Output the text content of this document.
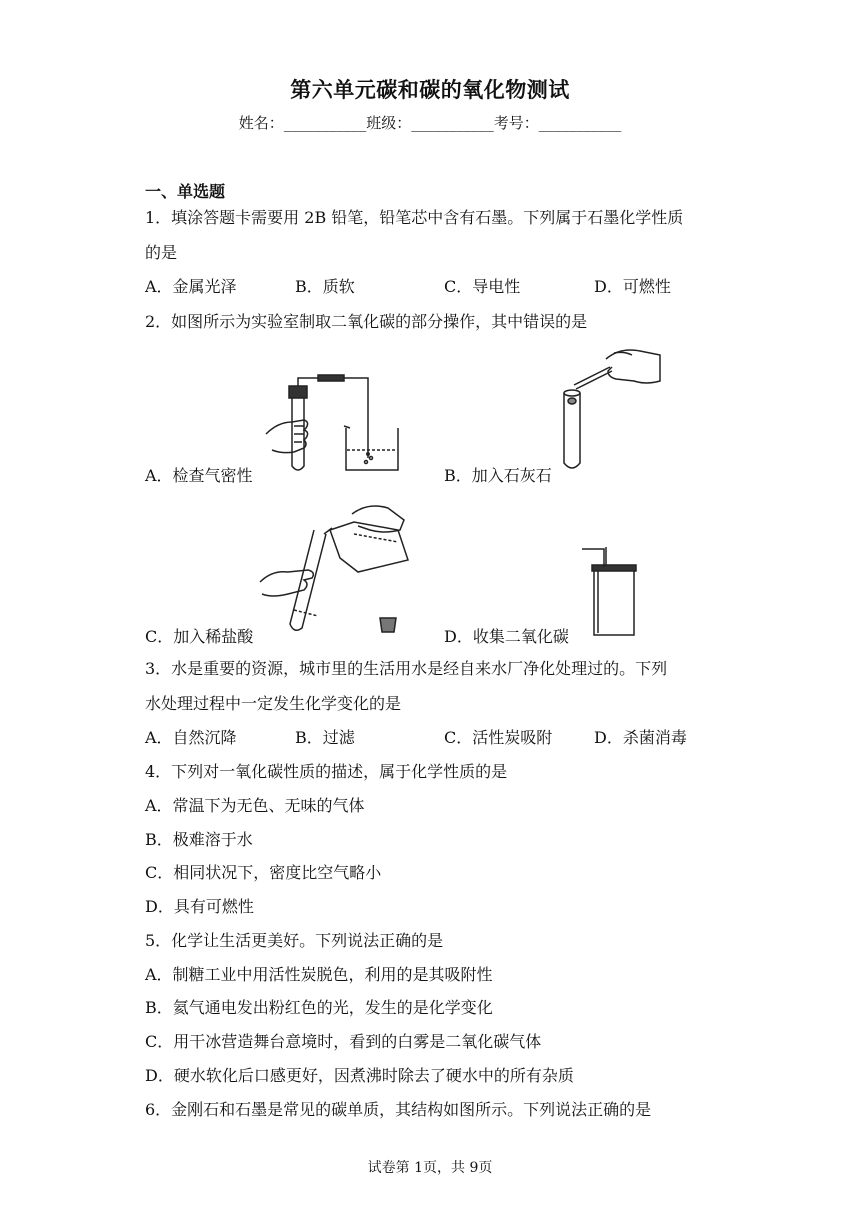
第六单元碳和碳的氧化物测试
姓名：___________班级：___________考号：___________
一、单选题
1．填涂答题卡需要用 2B 铅笔，铅笔芯中含有石墨。下列属于石墨化学性质
的是
A．金属光泽	B．质软	C．导电性	D．可燃性
2．如图所示为实验室制取二氧化碳的部分操作，其中错误的是
A．检查气密性	B．加入石灰石
C．加入稀盐酸	D．收集二氧化碳
3．水是重要的资源，城市里的生活用水是经自来水厂净化处理过的。下列
水处理过程中一定发生化学变化的是
A．自然沉降	B．过滤	C．活性炭吸附	D．杀菌消毒
4．下列对一氧化碳性质的描述，属于化学性质的是
A．常温下为无色、无味的气体
B．极难溶于水
C．相同状况下，密度比空气略小
D．具有可燃性
5．化学让生活更美好。下列说法正确的是
A．制糖工业中用活性炭脱色，利用的是其吸附性
B．氦气通电发出粉红色的光，发生的是化学变化
C．用干冰营造舞台意境时，看到的白雾是二氧化碳气体
D．硬水软化后口感更好，因煮沸时除去了硬水中的所有杂质
6．金刚石和石墨是常见的碳单质，其结构如图所示。下列说法正确的是
试卷第 1页，共 9页
